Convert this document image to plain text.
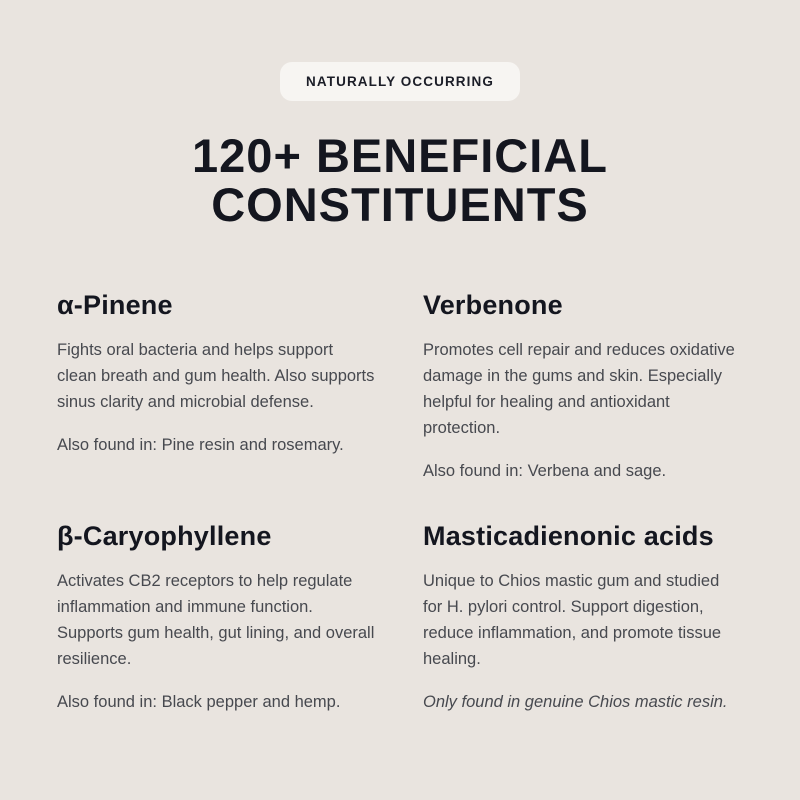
NATURALLY OCCURRING
120+ BENEFICIAL
CONSTITUENTS
α-Pinene

Fights oral bacteria and helps support clean breath and gum health. Also supports sinus clarity and microbial defense.

Also found in: Pine resin and rosemary.

Verbenone

Promotes cell repair and reduces oxidative damage in the gums and skin. Especially helpful for healing and antioxidant protection.

Also found in: Verbena and sage.

β-Caryophyllene

Activates CB2 receptors to help regulate inflammation and immune function. Supports gum health, gut lining, and overall resilience.

Also found in: Black pepper and hemp.

Masticadienonic acids

Unique to Chios mastic gum and studied for H. pylori control. Support digestion, reduce inflammation, and promote tissue healing.

Only found in genuine Chios mastic resin.
